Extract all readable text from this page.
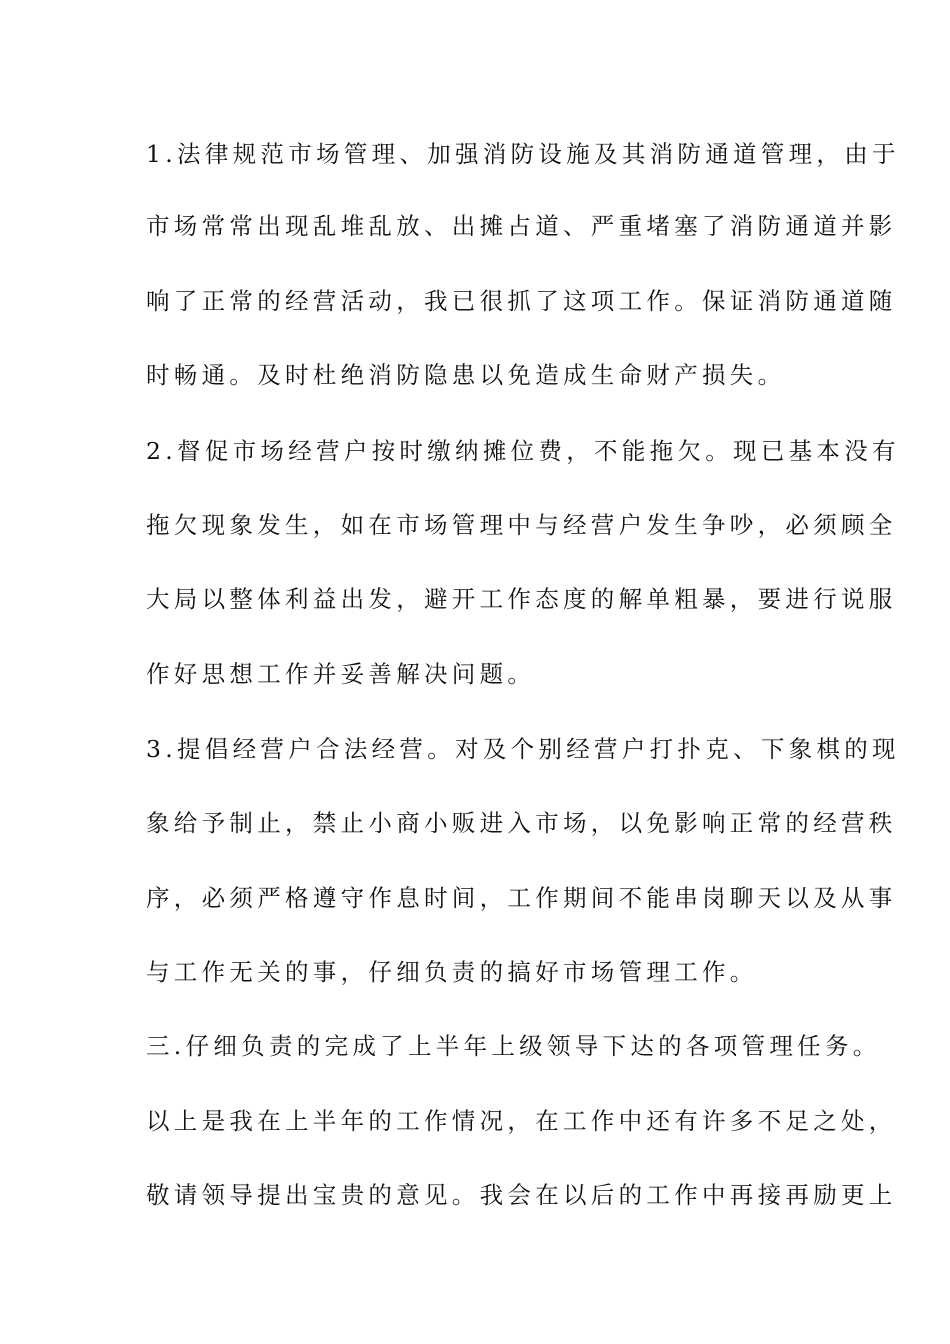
1.法律规范市场管理、加强消防设施及其消防通道管理，由于
市场常常出现乱堆乱放、出摊占道、严重堵塞了消防通道并影
响了正常的经营活动，我已很抓了这项工作。保证消防通道随
时畅通。及时杜绝消防隐患以免造成生命财产损失。
2.督促市场经营户按时缴纳摊位费，不能拖欠。现已基本没有
拖欠现象发生，如在市场管理中与经营户发生争吵，必须顾全
大局以整体利益出发，避开工作态度的解单粗暴，要进行说服
作好思想工作并妥善解决问题。
3.提倡经营户合法经营。对及个别经营户打扑克、下象棋的现
象给予制止，禁止小商小贩进入市场，以免影响正常的经营秩
序，必须严格遵守作息时间，工作期间不能串岗聊天以及从事
与工作无关的事，仔细负责的搞好市场管理工作。
三.仔细负责的完成了上半年上级领导下达的各项管理任务。
以上是我在上半年的工作情况，在工作中还有许多不足之处，
敬请领导提出宝贵的意见。我会在以后的工作中再接再励更上
